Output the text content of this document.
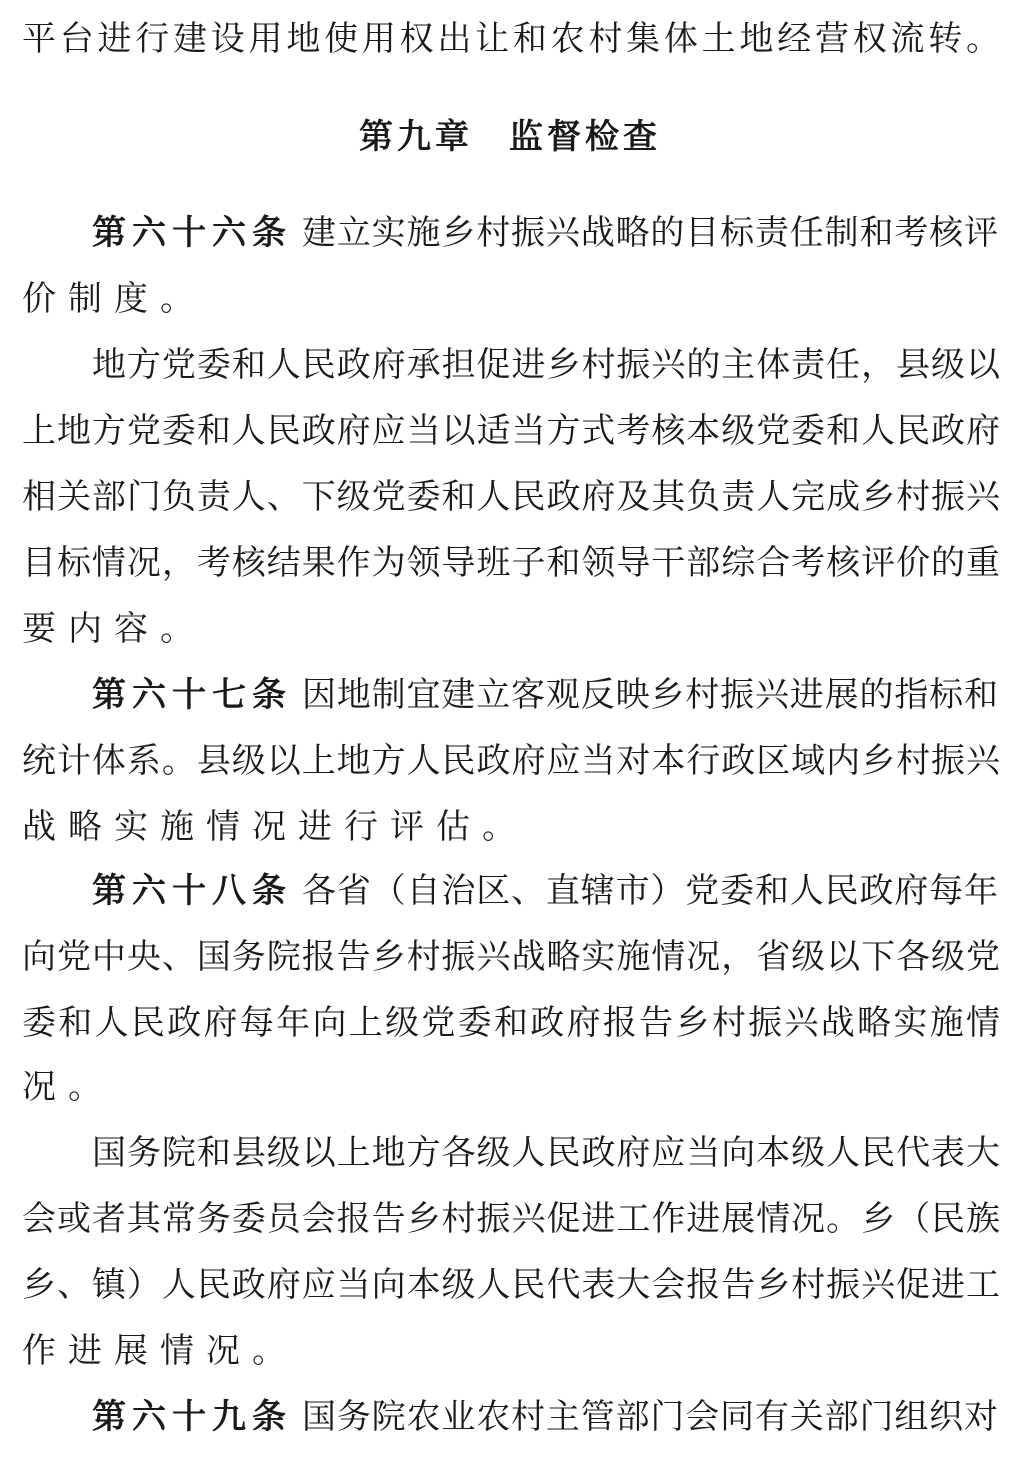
平台进行建设用地使用权出让和农村集体土地经营权流转。
第九章 监督检查
第六十六条 建立实施乡村振兴战略的目标责任制和考核评
价制度。
地方党委和人民政府承担促进乡村振兴的主体责任，县级以
上地方党委和人民政府应当以适当方式考核本级党委和人民政府
相关部门负责人、下级党委和人民政府及其负责人完成乡村振兴
目标情况，考核结果作为领导班子和领导干部综合考核评价的重
要内容。
第六十七条 因地制宜建立客观反映乡村振兴进展的指标和
统计体系。县级以上地方人民政府应当对本行政区域内乡村振兴
战略实施情况进行评估。
第六十八条 各省（自治区、直辖市）党委和人民政府每年
向党中央、国务院报告乡村振兴战略实施情况，省级以下各级党
委和人民政府每年向上级党委和政府报告乡村振兴战略实施情
况。
国务院和县级以上地方各级人民政府应当向本级人民代表大
会或者其常务委员会报告乡村振兴促进工作进展情况。乡（民族
乡、镇）人民政府应当向本级人民代表大会报告乡村振兴促进工
作进展情况。
第六十九条 国务院农业农村主管部门会同有关部门组织对
